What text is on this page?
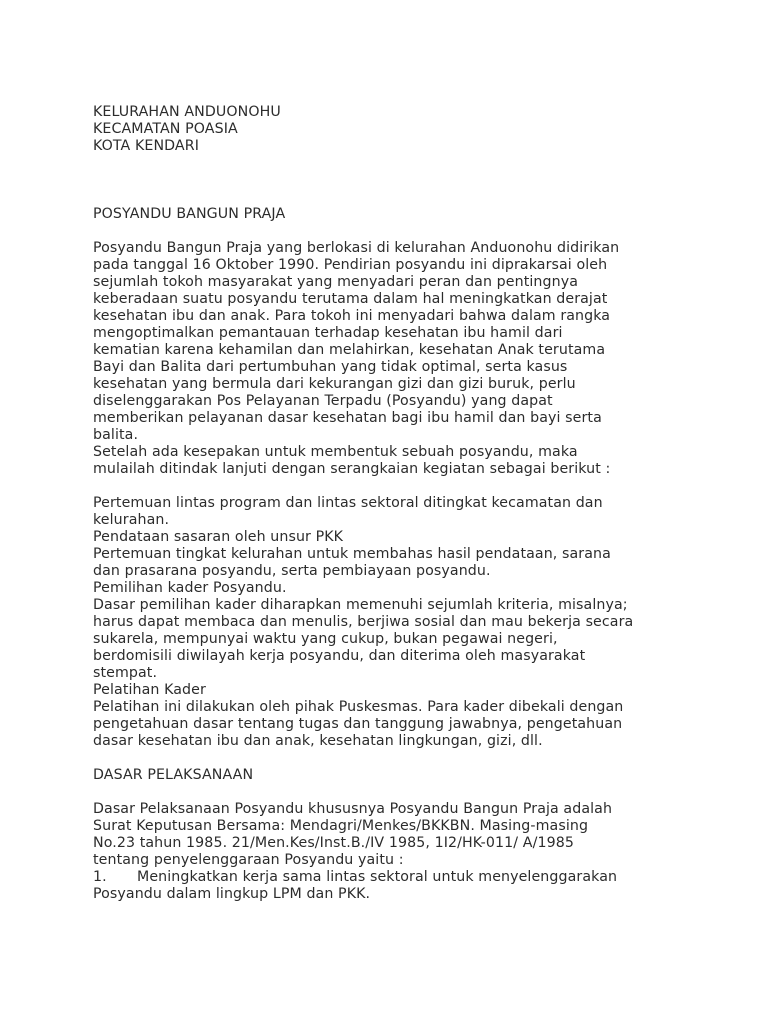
KELURAHAN ANDUONOHU
KECAMATAN POASIA
KOTA KENDARI
POSYANDU BANGUN PRAJA
Posyandu Bangun Praja yang berlokasi di kelurahan Anduonohu didirikan
pada tanggal 16 Oktober 1990. Pendirian posyandu ini diprakarsai oleh
sejumlah tokoh masyarakat yang menyadari peran dan pentingnya
keberadaan suatu posyandu terutama dalam hal meningkatkan derajat
kesehatan ibu dan anak. Para tokoh ini menyadari bahwa dalam rangka
mengoptimalkan pemantauan terhadap kesehatan ibu hamil dari
kematian karena kehamilan dan melahirkan, kesehatan Anak terutama
Bayi dan Balita dari pertumbuhan yang tidak optimal, serta kasus
kesehatan yang bermula dari kekurangan gizi dan gizi buruk, perlu
diselenggarakan Pos Pelayanan Terpadu (Posyandu) yang dapat
memberikan pelayanan dasar kesehatan bagi ibu hamil dan bayi serta
balita.
Setelah ada kesepakan untuk membentuk sebuah posyandu, maka
mulailah ditindak lanjuti dengan serangkaian kegiatan sebagai berikut :
Pertemuan lintas program dan lintas sektoral ditingkat kecamatan dan
kelurahan.
Pendataan sasaran oleh unsur PKK
Pertemuan tingkat kelurahan untuk membahas hasil pendataan, sarana
dan prasarana posyandu, serta pembiayaan posyandu.
Pemilihan kader Posyandu.
Dasar pemilihan kader diharapkan memenuhi sejumlah kriteria, misalnya;
harus dapat membaca dan menulis, berjiwa sosial dan mau bekerja secara
sukarela, mempunyai waktu yang cukup, bukan pegawai negeri,
berdomisili diwilayah kerja posyandu, dan diterima oleh masyarakat
stempat.
Pelatihan Kader
Pelatihan ini dilakukan oleh pihak Puskesmas. Para kader dibekali dengan
pengetahuan dasar tentang tugas dan tanggung jawabnya, pengetahuan
dasar kesehatan ibu dan anak, kesehatan lingkungan, gizi, dll.
DASAR PELAKSANAAN
Dasar Pelaksanaan Posyandu khususnya Posyandu Bangun Praja adalah
Surat Keputusan Bersama: Mendagri/Menkes/BKKBN. Masing-masing
No.23 tahun 1985. 21/Men.Kes/Inst.B./IV 1985, 1I2/HK-011/ A/1985
tentang penyelenggaraan Posyandu yaitu :
1. Meningkatkan kerja sama lintas sektoral untuk menyelenggarakan
Posyandu dalam lingkup LPM dan PKK.
